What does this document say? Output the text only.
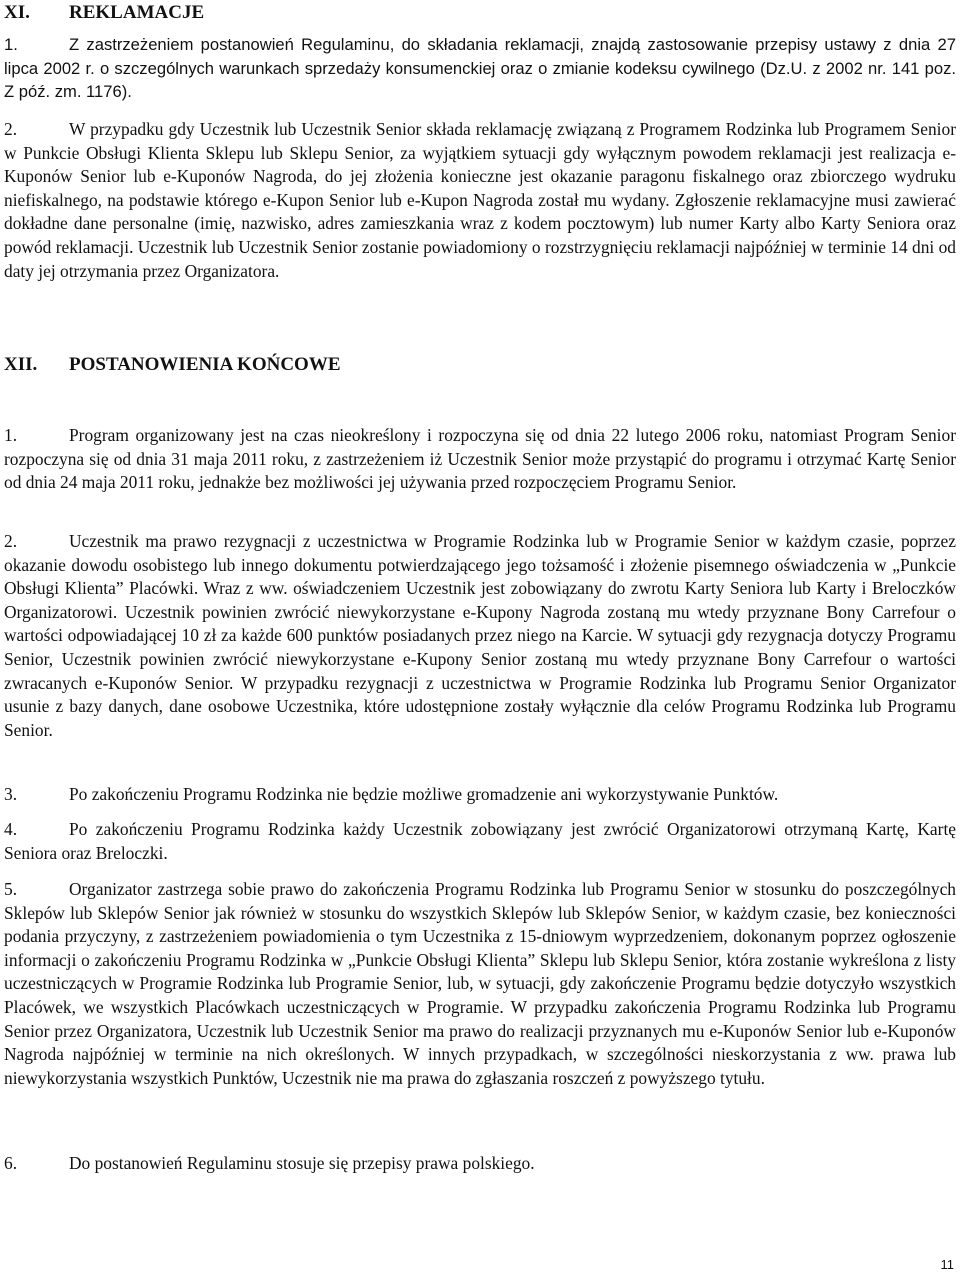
XI. REKLAMACJE

1.	Z zastrzeżeniem postanowień Regulaminu, do składania reklamacji, znajdą zastosowanie przepisy ustawy z dnia 27 lipca 2002 r. o szczególnych warunkach sprzedaży konsumenckiej oraz o zmianie kodeksu cywilnego (Dz.U. z 2002 nr. 141 poz. Z póź. zm. 1176).

2.	W przypadku gdy Uczestnik lub Uczestnik Senior składa reklamację związaną z Programem Rodzinka lub Programem Senior w Punkcie Obsługi Klienta Sklepu lub Sklepu Senior, za wyjątkiem sytuacji gdy wyłącznym powodem reklamacji jest realizacja e-Kuponów Senior lub e-Kuponów Nagroda, do jej złożenia konieczne jest okazanie paragonu fiskalnego oraz zbiorczego wydruku niefiskalnego, na podstawie którego e-Kupon Senior lub e-Kupon Nagroda został mu wydany. Zgłoszenie reklamacyjne musi zawierać dokładne dane personalne (imię, nazwisko, adres zamieszkania wraz z kodem pocztowym) lub numer Karty albo Karty Seniora oraz powód reklamacji. Uczestnik lub Uczestnik Senior zostanie powiadomiony o rozstrzygnięciu reklamacji najpóźniej w terminie 14 dni od daty jej otrzymania przez Organizatora.

XII. POSTANOWIENIA KOŃCOWE

1.	Program organizowany jest na czas nieokreślony i rozpoczyna się od dnia 22 lutego 2006 roku, natomiast Program Senior rozpoczyna się od dnia 31 maja 2011 roku, z zastrzeżeniem iż Uczestnik Senior może przystąpić do programu i otrzymać Kartę Senior od dnia 24 maja 2011 roku, jednakże bez możliwości jej używania przed rozpoczęciem Programu Senior.

2.	Uczestnik ma prawo rezygnacji z uczestnictwa w Programie Rodzinka lub w Programie Senior w każdym czasie, poprzez okazanie dowodu osobistego lub innego dokumentu potwierdzającego jego tożsamość i złożenie pisemnego oświadczenia w „Punkcie Obsługi Klienta” Placówki. Wraz z ww. oświadczeniem Uczestnik jest zobowiązany do zwrotu Karty Seniora lub Karty i Breloczków Organizatorowi. Uczestnik powinien zwrócić niewykorzystane e-Kupony Nagroda zostaną mu wtedy przyznane Bony Carrefour o wartości odpowiadającej 10 zł za każde 600 punktów posiadanych przez niego na Karcie. W sytuacji gdy rezygnacja dotyczy Programu Senior, Uczestnik powinien zwrócić niewykorzystane e-Kupony Senior zostaną mu wtedy przyznane Bony Carrefour o wartości zwracanych e-Kuponów Senior. W przypadku rezygnacji z uczestnictwa w Programie Rodzinka lub Programu Senior Organizator usunie z bazy danych, dane osobowe Uczestnika, które udostępnione zostały wyłącznie dla celów Programu Rodzinka lub Programu Senior.

3.	Po zakończeniu Programu Rodzinka nie będzie możliwe gromadzenie ani wykorzystywanie Punktów.

4.	Po zakończeniu Programu Rodzinka każdy Uczestnik zobowiązany jest zwrócić Organizatorowi otrzymaną Kartę, Kartę Seniora oraz Breloczki.

5.	Organizator zastrzega sobie prawo do zakończenia Programu Rodzinka lub Programu Senior w stosunku do poszczególnych Sklepów lub Sklepów Senior jak również w stosunku do wszystkich Sklepów lub Sklepów Senior, w każdym czasie, bez konieczności podania przyczyny, z zastrzeżeniem powiadomienia o tym Uczestnika z 15-dniowym wyprzedzeniem, dokonanym poprzez ogłoszenie informacji o zakończeniu Programu Rodzinka w „Punkcie Obsługi Klienta” Sklepu lub Sklepu Senior, która zostanie wykreślona z listy uczestniczących w Programie Rodzinka lub Programie Senior, lub, w sytuacji, gdy zakończenie Programu będzie dotyczyło wszystkich Placówek, we wszystkich Placówkach uczestniczących w Programie. W przypadku zakończenia Programu Rodzinka lub Programu Senior przez Organizatora, Uczestnik lub Uczestnik Senior ma prawo do realizacji przyznanych mu e-Kuponów Senior lub e-Kuponów Nagroda najpóźniej w terminie na nich określonych. W innych przypadkach, w szczególności nieskorzystania z ww. prawa lub niewykorzystania wszystkich Punktów, Uczestnik nie ma prawa do zgłaszania roszczeń z powyższego tytułu.

6.	Do postanowień Regulaminu stosuje się przepisy prawa polskiego.

11
